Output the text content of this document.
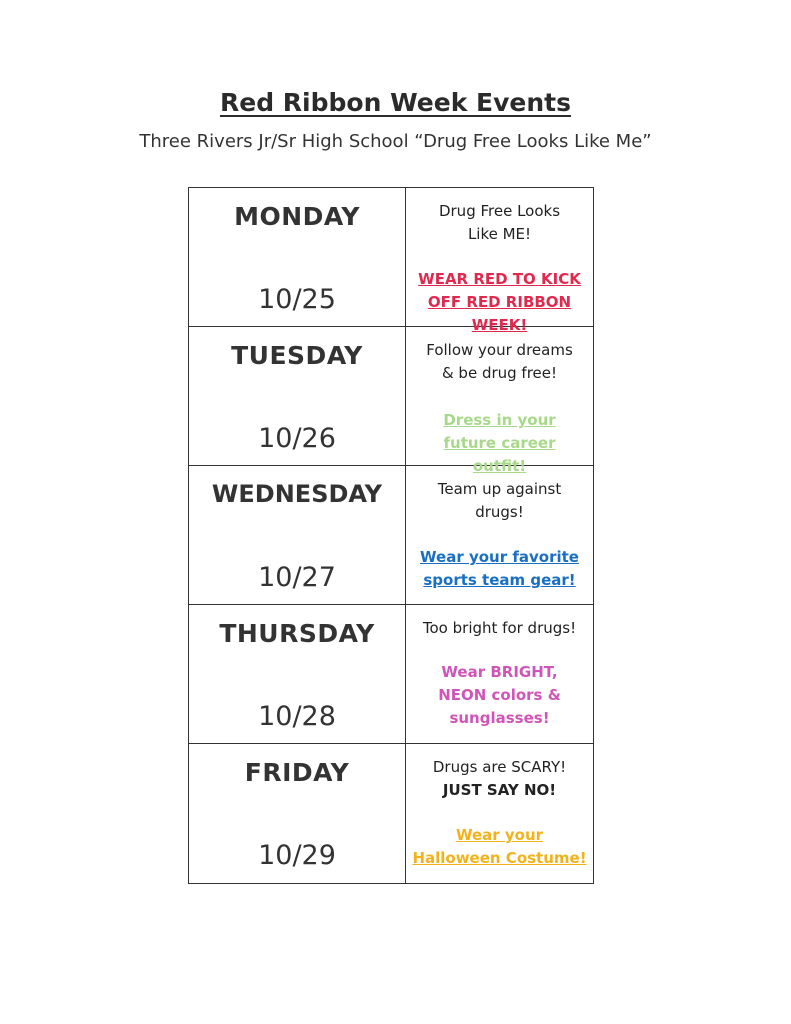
Red Ribbon Week Events
Three Rivers Jr/Sr High School “Drug Free Looks Like Me”
MONDAY
10/25
Drug Free Looks Like ME!
WEAR RED TO KICK OFF RED RIBBON WEEK!
TUESDAY
10/26
Follow your dreams & be drug free!
Dress in your future career outfit!
WEDNESDAY
10/27
Team up against drugs!
Wear your favorite sports team gear!
THURSDAY
10/28
Too bright for drugs!
Wear BRIGHT, NEON colors & sunglasses!
FRIDAY
10/29
Drugs are SCARY!
JUST SAY NO!
Wear your Halloween Costume!
